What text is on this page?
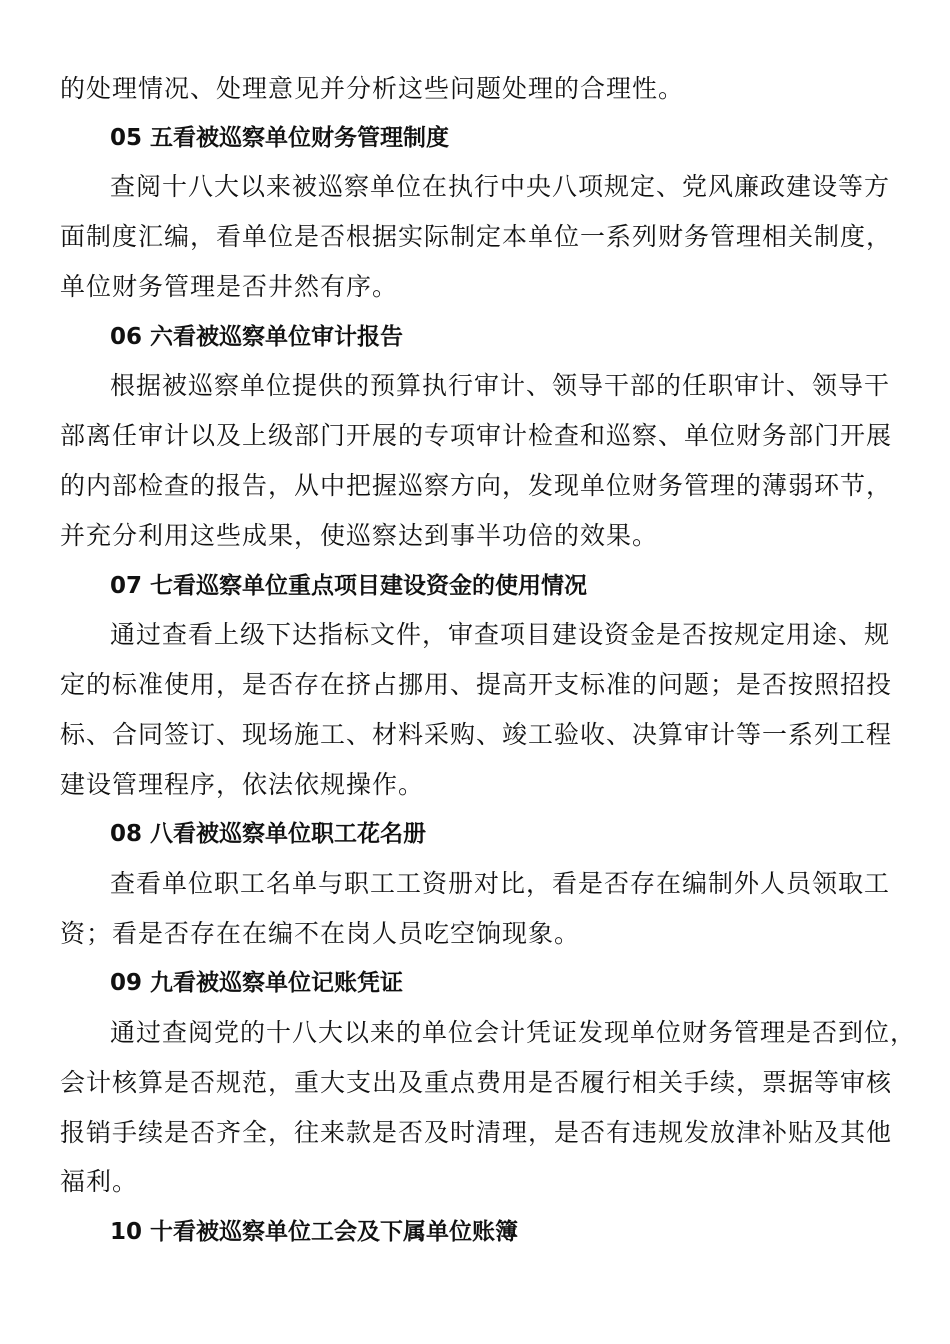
的处理情况、处理意见并分析这些问题处理的合理性。
05 五看被巡察单位财务管理制度
查阅十八大以来被巡察单位在执行中央八项规定、党风廉政建设等方
面制度汇编，看单位是否根据实际制定本单位一系列财务管理相关制度，
单位财务管理是否井然有序。
06 六看被巡察单位审计报告
根据被巡察单位提供的预算执行审计、领导干部的任职审计、领导干
部离任审计以及上级部门开展的专项审计检查和巡察、单位财务部门开展
的内部检查的报告，从中把握巡察方向，发现单位财务管理的薄弱环节，
并充分利用这些成果，使巡察达到事半功倍的效果。
07 七看巡察单位重点项目建设资金的使用情况
通过查看上级下达指标文件，审查项目建设资金是否按规定用途、规
定的标准使用，是否存在挤占挪用、提高开支标准的问题；是否按照招投
标、合同签订、现场施工、材料采购、竣工验收、决算审计等一系列工程
建设管理程序，依法依规操作。
08 八看被巡察单位职工花名册
查看单位职工名单与职工工资册对比，看是否存在编制外人员领取工
资；看是否存在在编不在岗人员吃空饷现象。
09 九看被巡察单位记账凭证
通过查阅党的十八大以来的单位会计凭证发现单位财务管理是否到位，
会计核算是否规范，重大支出及重点费用是否履行相关手续，票据等审核
报销手续是否齐全，往来款是否及时清理，是否有违规发放津补贴及其他
福利。
10 十看被巡察单位工会及下属单位账簿
